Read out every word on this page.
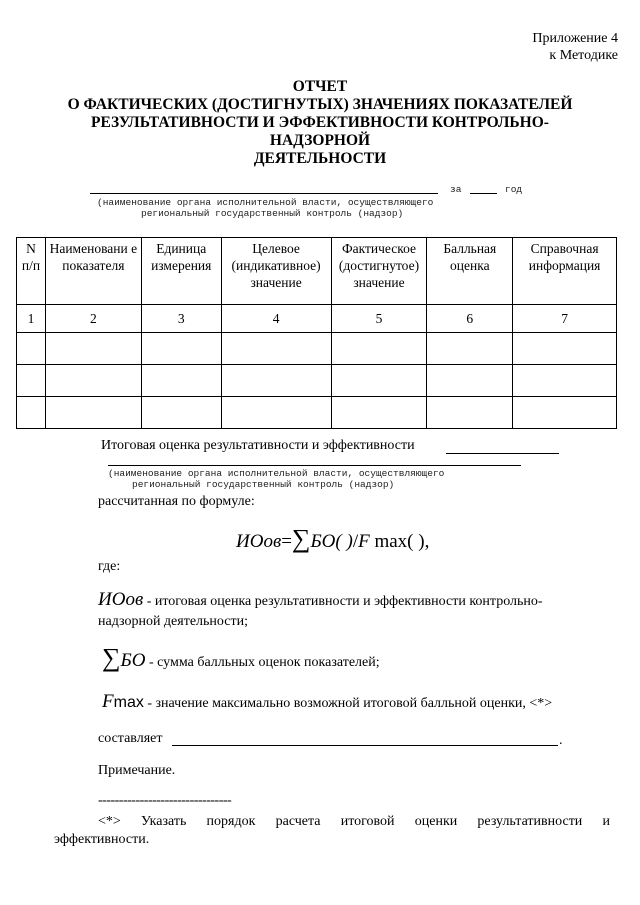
Приложение 4
к Методике
ОТЧЕТ
О ФАКТИЧЕСКИХ (ДОСТИГНУТЫХ) ЗНАЧЕНИЯХ ПОКАЗАТЕЛЕЙ
РЕЗУЛЬТАТИВНОСТИ И ЭФФЕКТИВНОСТИ КОНТРОЛЬНО-
НАДЗОРНОЙ
ДЕЯТЕЛЬНОСТИ
за	год
(наименование органа исполнительной власти, осуществляющего
региональный государственный контроль (надзор)
N п/п	Наименовани е показателя	Единица измерения	Целевое (индикативное) значение	Фактическое (достигнутое) значение	Балльная оценка	Справочная информация
1	2	3	4	5	6	7

Итоговая оценка результативности и эффективности
(наименование органа исполнительной власти, осуществляющего
региональный государственный контроль (надзор)
рассчитанная по формуле:
ИОов=∑БО( )/F max( ),
где:
ИОов - итоговая оценка результативности и эффективности контрольно-
надзорной деятельности;
∑БО - сумма балльных оценок показателей;
Fmax - значение максимально возможной итоговой балльной оценки, <*>
составляет	.
Примечание.
--------------------------------
<*> Указать порядок расчета итоговой оценки результативности и
эффективности.
